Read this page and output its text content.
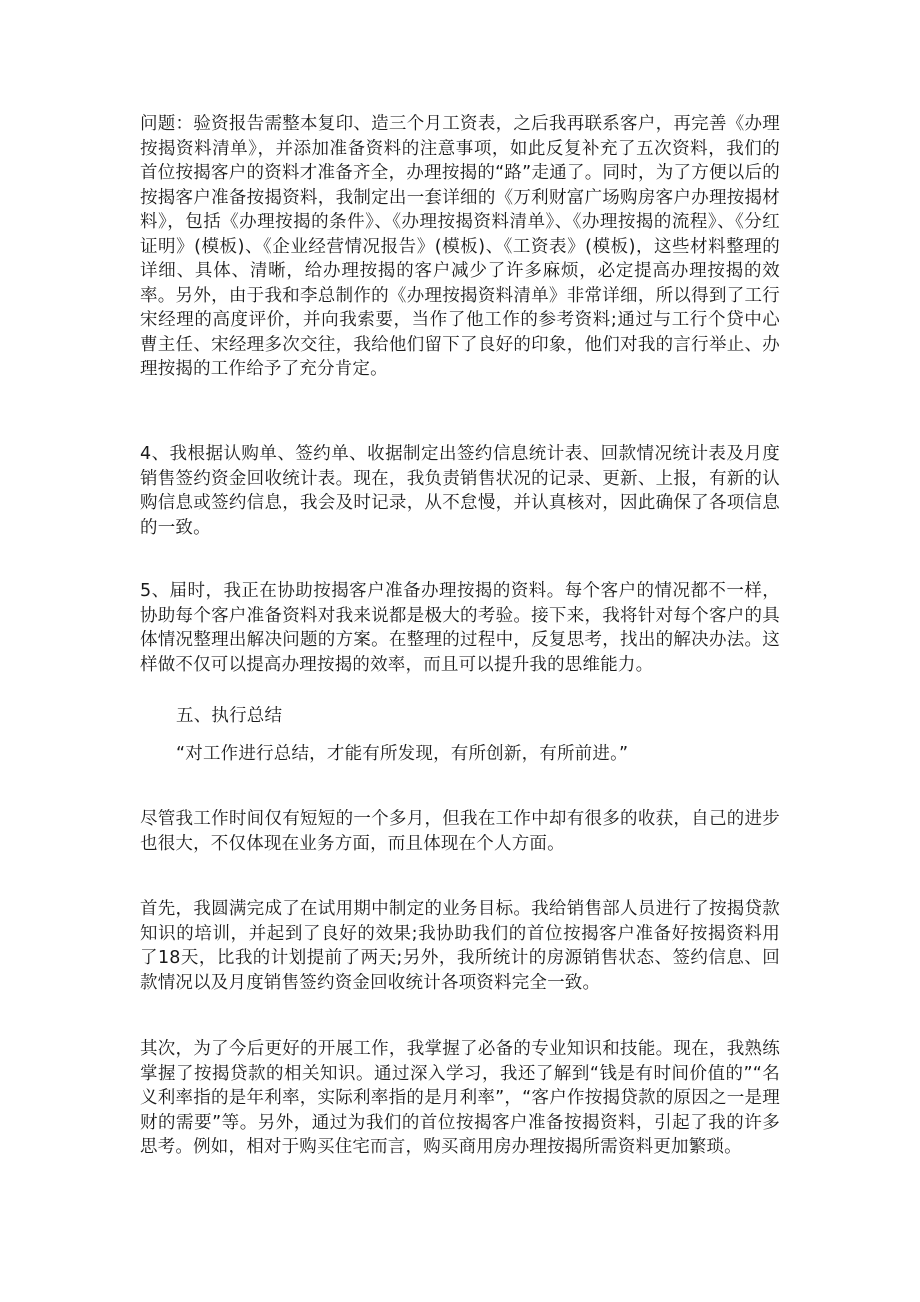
问题：验资报告需整本复印、造三个月工资表，之后我再联系客户，再完善《办理按揭资料清单》，并添加准备资料的注意事项，如此反复补充了五次资料，我们的首位按揭客户的资料才准备齐全，办理按揭的“路”走通了。同时，为了方便以后的按揭客户准备按揭资料，我制定出一套详细的《万利财富广场购房客户办理按揭材料》，包括《办理按揭的条件》、《办理按揭资料清单》、《办理按揭的流程》、《分红证明》(模板)、《企业经营情况报告》(模板)、《工资表》(模板)，这些材料整理的详细、具体、清晰，给办理按揭的客户减少了许多麻烦，必定提高办理按揭的效率。另外，由于我和李总制作的《办理按揭资料清单》非常详细，所以得到了工行宋经理的高度评价，并向我索要，当作了他工作的参考资料;通过与工行个贷中心曹主任、宋经理多次交往，我给他们留下了良好的印象，他们对我的言行举止、办理按揭的工作给予了充分肯定。

4、我根据认购单、签约单、收据制定出签约信息统计表、回款情况统计表及月度销售签约资金回收统计表。现在，我负责销售状况的记录、更新、上报，有新的认购信息或签约信息，我会及时记录，从不怠慢，并认真核对，因此确保了各项信息的一致。

5、届时，我正在协助按揭客户准备办理按揭的资料。每个客户的情况都不一样，协助每个客户准备资料对我来说都是极大的考验。接下来，我将针对每个客户的具体情况整理出解决问题的方案。在整理的过程中，反复思考，找出的解决办法。这样做不仅可以提高办理按揭的效率，而且可以提升我的思维能力。

五、执行总结

“对工作进行总结，才能有所发现，有所创新，有所前进。”

尽管我工作时间仅有短短的一个多月，但我在工作中却有很多的收获，自己的进步也很大，不仅体现在业务方面，而且体现在个人方面。

首先，我圆满完成了在试用期中制定的业务目标。我给销售部人员进行了按揭贷款知识的培训，并起到了良好的效果;我协助我们的首位按揭客户准备好按揭资料用了18天，比我的计划提前了两天;另外，我所统计的房源销售状态、签约信息、回款情况以及月度销售签约资金回收统计各项资料完全一致。

其次，为了今后更好的开展工作，我掌握了必备的专业知识和技能。现在，我熟练掌握了按揭贷款的相关知识。通过深入学习，我还了解到“钱是有时间价值的”“名义利率指的是年利率，实际利率指的是月利率”，“客户作按揭贷款的原因之一是理财的需要”等。另外，通过为我们的首位按揭客户准备按揭资料，引起了我的许多思考。例如，相对于购买住宅而言，购买商用房办理按揭所需资料更加繁琐。
